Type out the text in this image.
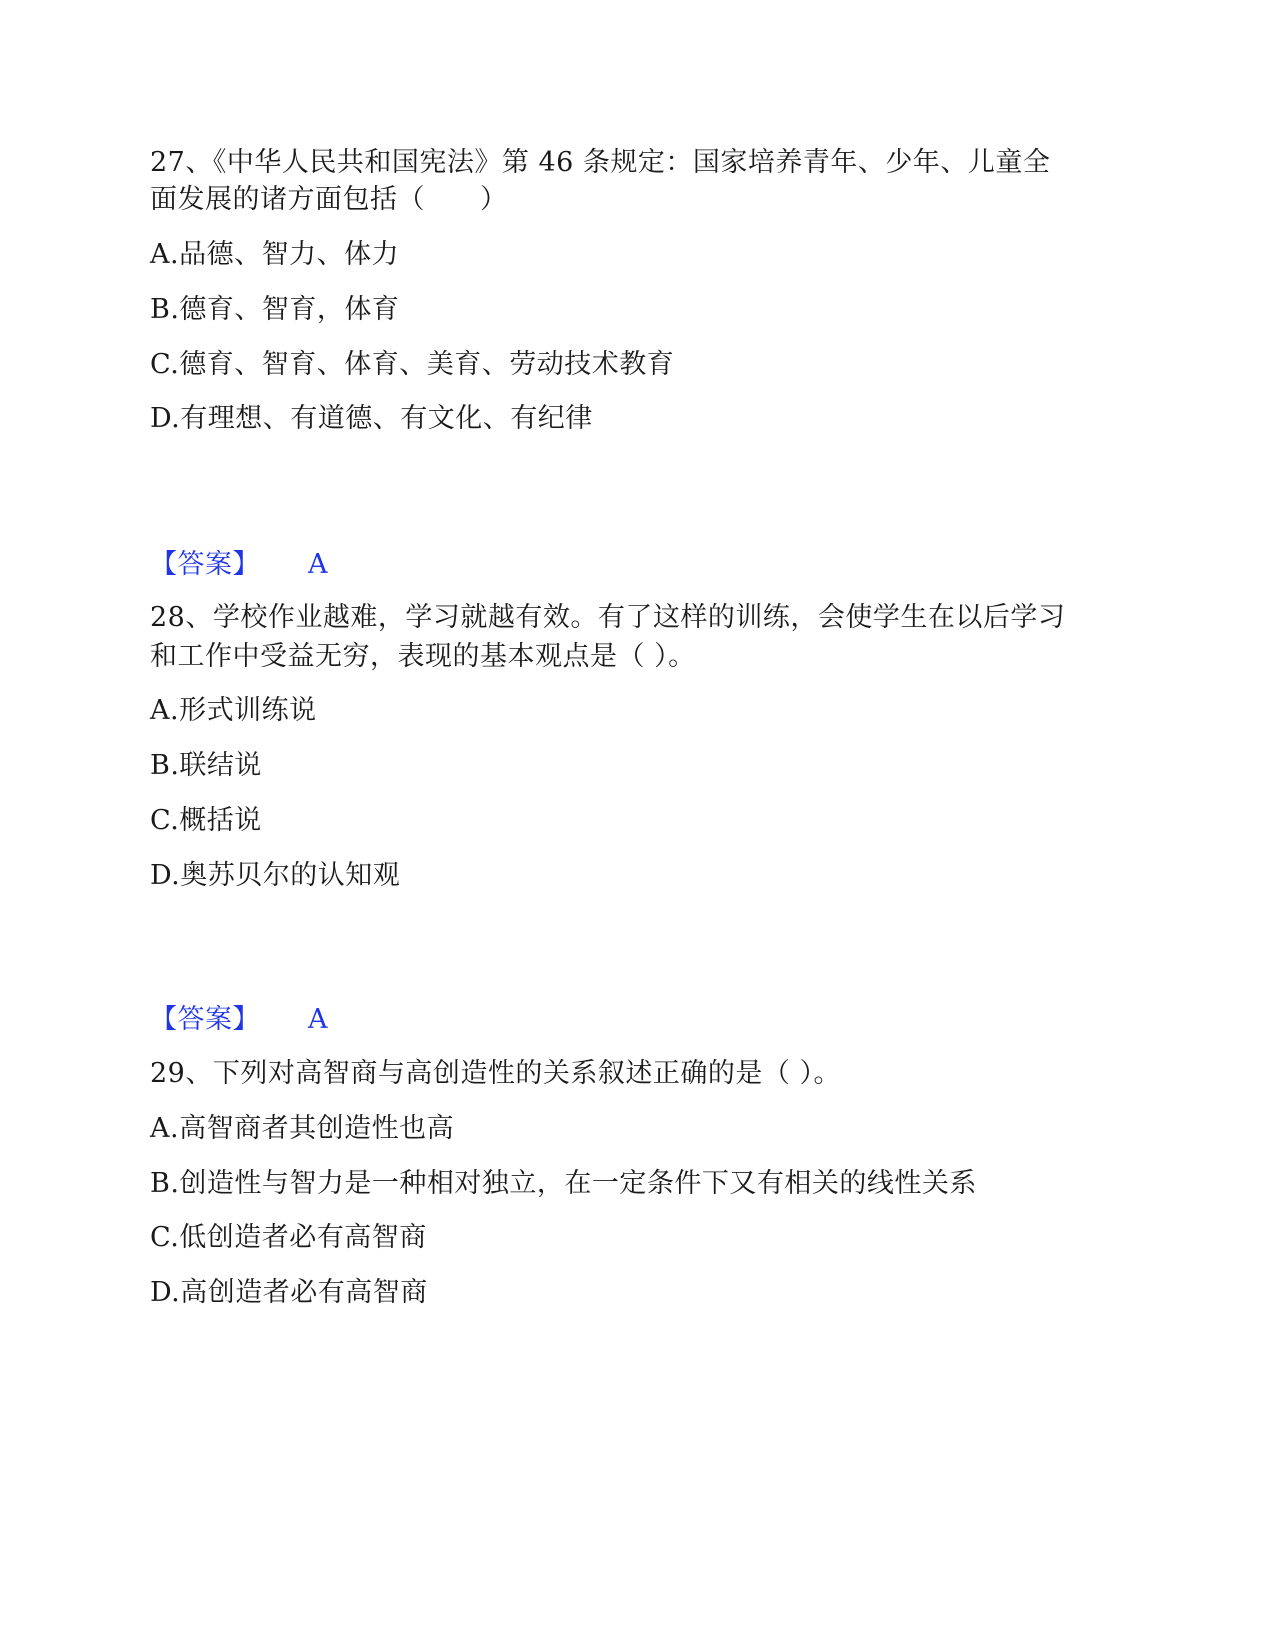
27、《中华人民共和国宪法》第 46 条规定：国家培养青年、少年、儿童全
面发展的诸方面包括（　　）
A.品德、智力、体力
B.德育、智育，体育
C.德育、智育、体育、美育、劳动技术教育
D.有理想、有道德、有文化、有纪律
【答案】 A
28、学校作业越难，学习就越有效。有了这样的训练，会使学生在以后学习
和工作中受益无穷，表现的基本观点是（ ）。
A.形式训练说
B.联结说
C.概括说
D.奥苏贝尔的认知观
【答案】 A
29、下列对高智商与高创造性的关系叙述正确的是（ ）。
A.高智商者其创造性也高
B.创造性与智力是一种相对独立，在一定条件下又有相关的线性关系
C.低创造者必有高智商
D.高创造者必有高智商
